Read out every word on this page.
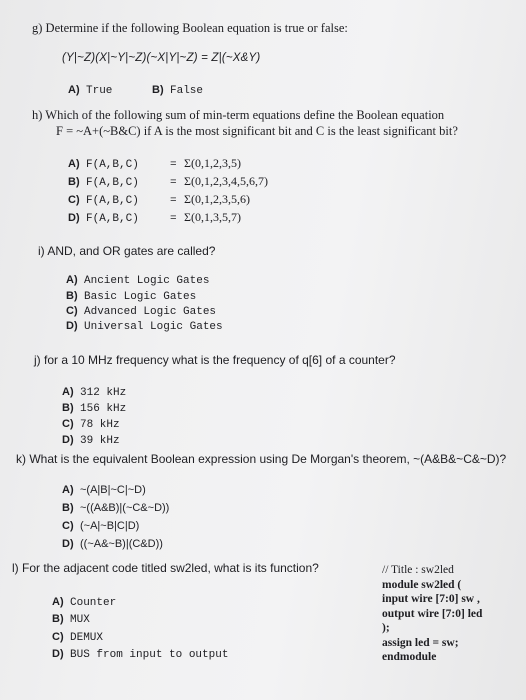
g) Determine if the following Boolean equation is true or false:
(Y|~Z)(X|~Y|~Z)(~X|Y|~Z) = Z|(~X&Y)
A) True	B) False
h) Which of the following sum of min-term equations define the Boolean equation
F = ~A+(~B&C) if A is the most significant bit and C is the least significant bit?
A) F(A,B,C)	= Σ(0,1,2,3,5)
B) F(A,B,C)	= Σ(0,1,2,3,4,5,6,7)
C) F(A,B,C)	= Σ(0,1,2,3,5,6)
D) F(A,B,C)	= Σ(0,1,3,5,7)
i) AND, and OR gates are called?
A) Ancient Logic Gates
B) Basic Logic Gates
C) Advanced Logic Gates
D) Universal Logic Gates
j) for a 10 MHz frequency what is the frequency of q[6] of a counter?
A) 312 kHz
B) 156 kHz
C) 78 kHz
D) 39 kHz
k) What is the equivalent Boolean expression using De Morgan's theorem, ~(A&B&~C&~D)?
A) ~(A|B|~C|~D)
B) ~((A&B)|(~C&~D))
C) (~A|~B|C|D)
D) ((~A&~B)|(C&D))
l) For the adjacent code titled sw2led, what is its function?
A) Counter
B) MUX
C) DEMUX
D) BUS from input to output
// Title : sw2led
module sw2led (
input wire [7:0] sw ,
output wire [7:0] led
);
assign led = sw;
endmodule
